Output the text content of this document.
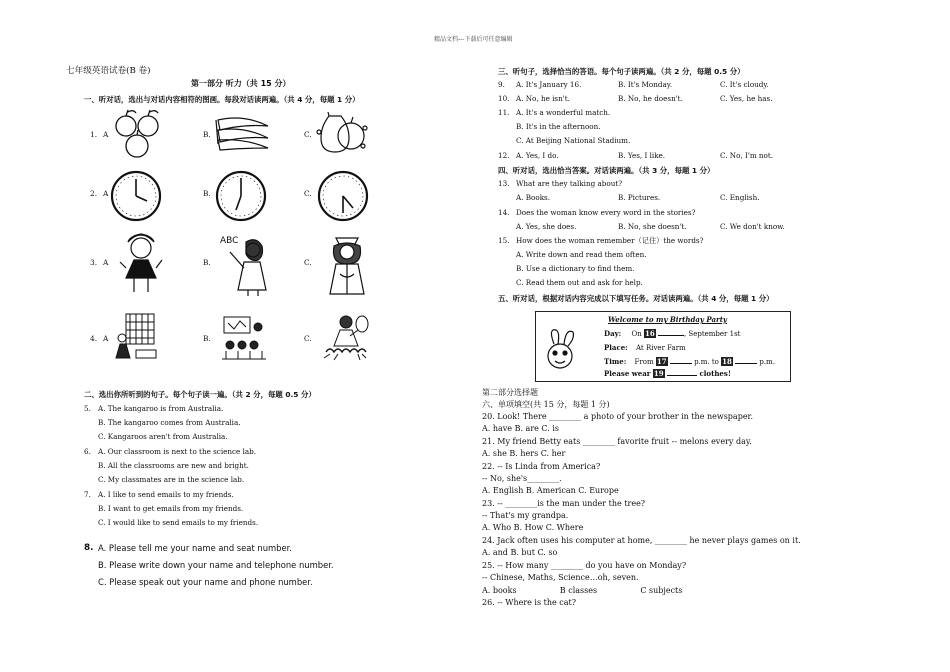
精品文档---下载后可任意编辑
七年级英语试卷(B 卷)
第一部分 听力（共 15 分）
一、听对话，选出与对话内容相符的图画。每段对话读两遍。（共 4 分，每题 1 分）
1. A	B.	C.
2. A	B.	C.
3. A	B.	C.
ABC
4. A	B.	C.
二、选出你所听到的句子。每个句子读一遍。（共 2 分，每题 0.5 分）
5. A. The kangaroo is from Australia.
B. The kangaroo comes from Australia.
C. Kangaroos aren't from Australia.
6. A. Our classroom is next to the science lab.
B. All the classrooms are new and bright.
C. My classmates are in the science lab.
7. A. I like to send emails to my friends.
B. I want to get emails from my friends.
C. I would like to send emails to my friends.
8. A. Please tell me your name and seat number.
B. Please write down your name and telephone number.
C. Please speak out your name and phone number.
三、听句子，选择恰当的答语。每个句子读两遍。（共 2 分，每题 0.5 分）
9. A. It's January 16.	B. It's Monday.	C. It's cloudy.
10. A. No, he isn't.	B. No, he doesn't.	C. Yes, he has.
11. A. It's a wonderful match.
B. It's in the afternoon.
C. At Beijing National Stadium.
12. A. Yes, I do.	B. Yes, I like.	C. No, I'm not.
四、听对话，选出恰当答案。对话读两遍。（共 3 分，每题 1 分）
13. What are they talking about?
A. Books.	B. Pictures.	C. English.
14. Does the woman know every word in the stories?
A. Yes, she does.	B. No, she doesn't.	C. We don't know.
15. How does the woman remember（记住）the words?
A. Write down and read them often.
B. Use a dictionary to find them.
C. Read them out and ask for help.
五、听对话，根据对话内容完成以下填写任务。对话读两遍。（共 4 分，每题 1 分）
Welcome to my Birthday Party
Day: On 16	, September 1st
Place: At River Farm
Time: From 17	p.m. to 18	p.m.
Please wear 19	clothes!
第二部分选择题
六、单项填空(共 15 分，每题 1 分)
20. Look! There ________ a photo of your brother in the newspaper.
A. have B. are C. is
21. My friend Betty eats ________ favorite fruit -- melons every day.
A. she B. hers C. her
22. -- Is Linda from America?
-- No, she's________.
A. English B. American C. Europe
23. -- ________is the man under the tree?
-- That's my grandpa.
A. Who B. How C. Where
24. Jack often uses his computer at home, ________ he never plays games on it.
A. and B. but C. so
25. -- How many ________ do you have on Monday?
-- Chinese, Maths, Science…oh, seven.
A. books                 B classes                 C subjects
26. -- Where is the cat?
